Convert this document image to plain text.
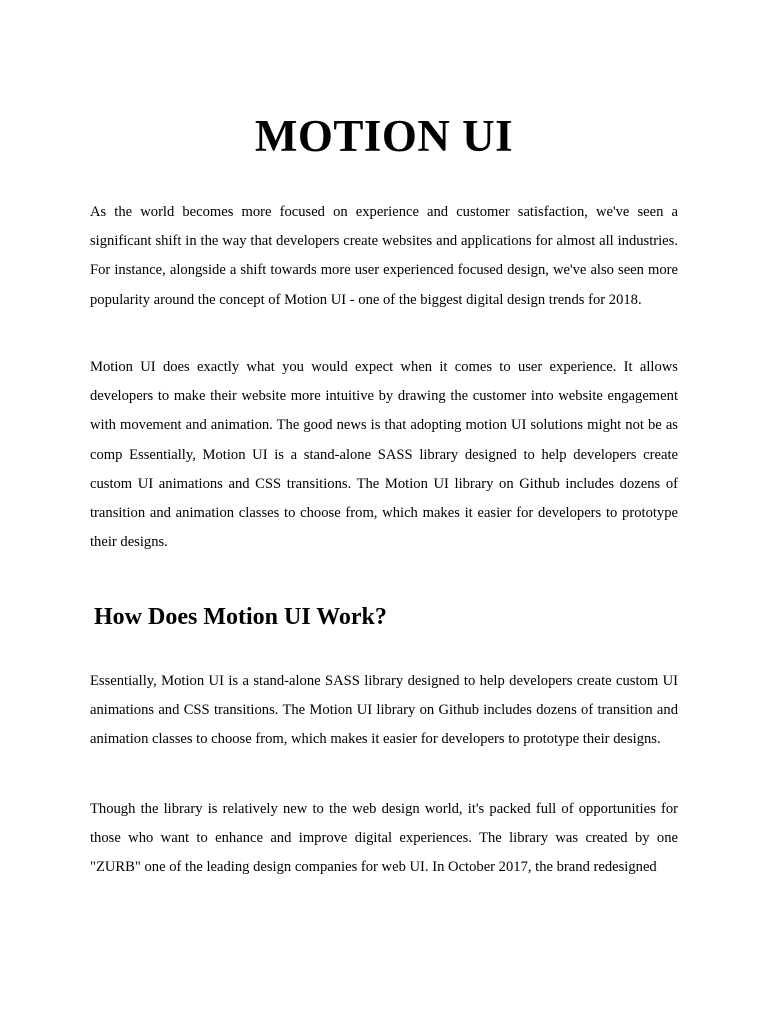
MOTION UI

As the world becomes more focused on experience and customer satisfaction, we've seen a significant shift in the way that developers create websites and applications for almost all industries. For instance, alongside a shift towards more user experienced focused design, we've also seen more popularity around the concept of Motion UI - one of the biggest digital design trends for 2018.

Motion UI does exactly what you would expect when it comes to user experience. It allows developers to make their website more intuitive by drawing the customer into website engagement with movement and animation. The good news is that adopting motion UI solutions might not be as comp Essentially, Motion UI is a stand-alone SASS library designed to help developers create custom UI animations and CSS transitions. The Motion UI library on Github includes dozens of transition and animation classes to choose from, which makes it easier for developers to prototype their designs.

How Does Motion UI Work?

Essentially, Motion UI is a stand-alone SASS library designed to help developers create custom UI animations and CSS transitions. The Motion UI library on Github includes dozens of transition and animation classes to choose from, which makes it easier for developers to prototype their designs.

Though the library is relatively new to the web design world, it's packed full of opportunities for those who want to enhance and improve digital experiences. The library was created by one "ZURB" one of the leading design companies for web UI. In October 2017, the brand redesigned
